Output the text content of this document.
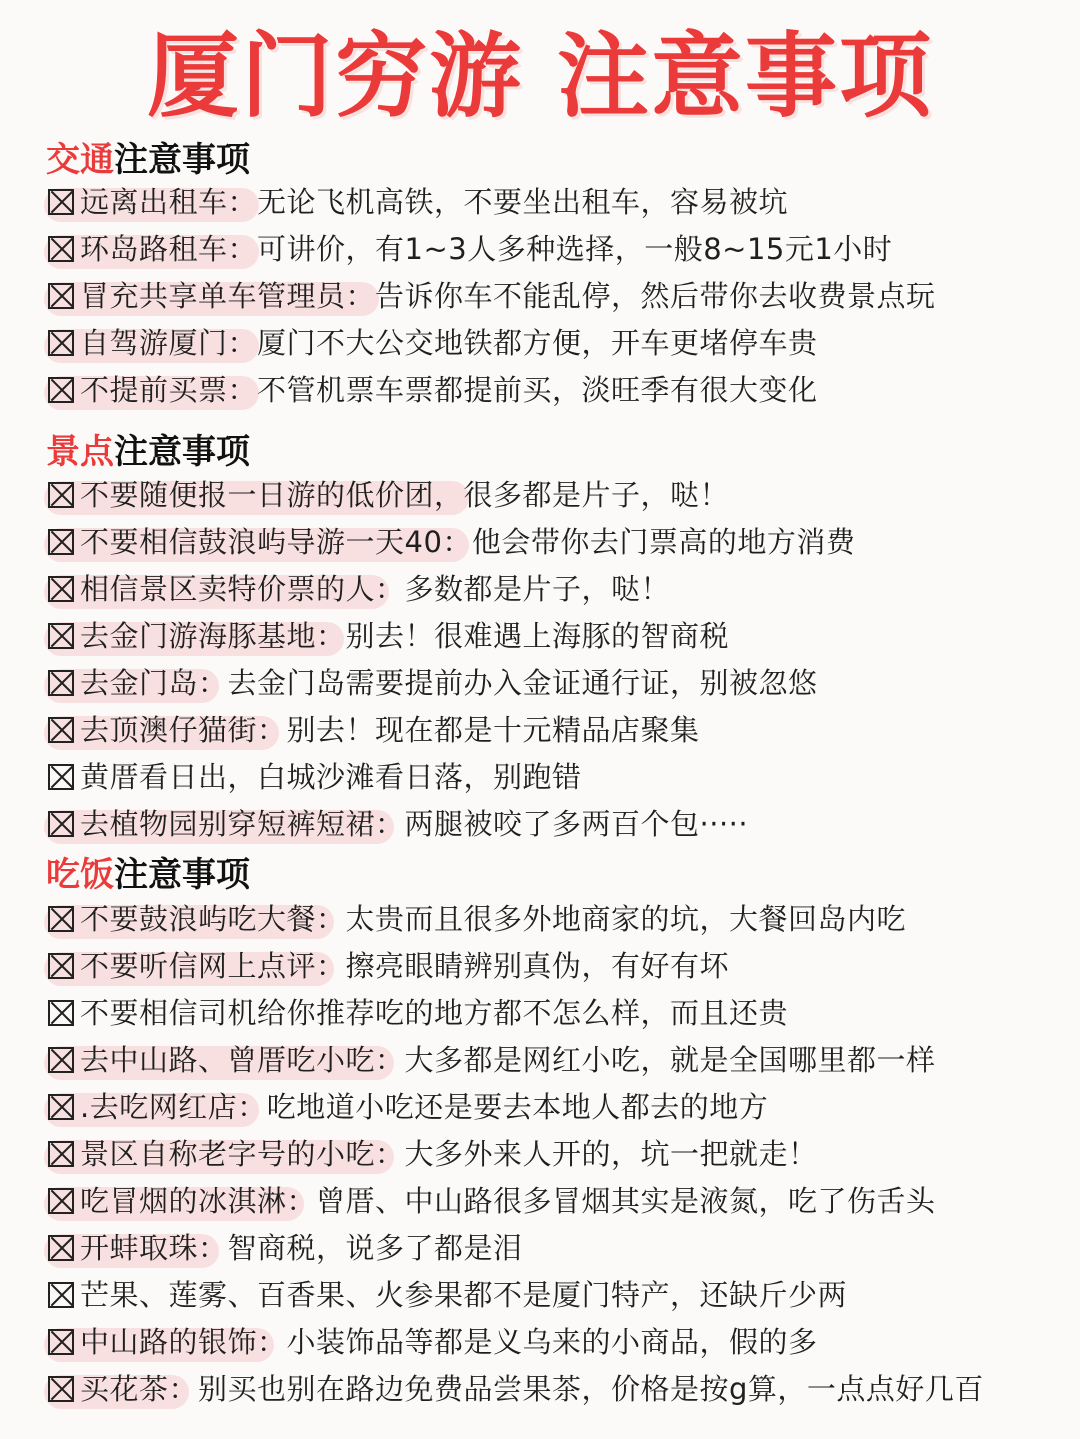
厦门穷游 注意事项
交通注意事项
远离出租车：无论飞机高铁，不要坐出租车，容易被坑
环岛路租车：可讲价，有1~3人多种选择，一般8~15元1小时
冒充共享单车管理员：告诉你车不能乱停，然后带你去收费景点玩
自驾游厦门：厦门不大公交地铁都方便，开车更堵停车贵
不提前买票：不管机票车票都提前买，淡旺季有很大变化
景点注意事项
不要随便报一日游的低价团，很多都是片子，哒！
不要相信鼓浪屿导游一天40：他会带你去门票高的地方消费
相信景区卖特价票的人：多数都是片子，哒！
去金门游海豚基地：别去！很难遇上海豚的智商税
去金门岛：去金门岛需要提前办入金证通行证，别被忽悠
去顶澳仔猫街：别去！现在都是十元精品店聚集
黄厝看日出，白城沙滩看日落，别跑错
去植物园别穿短裤短裙：两腿被咬了多两百个包·····
吃饭注意事项
不要鼓浪屿吃大餐：太贵而且很多外地商家的坑，大餐回岛内吃
不要听信网上点评：擦亮眼睛辨别真伪，有好有坏
不要相信司机给你推荐吃的地方都不怎么样，而且还贵
去中山路、曾厝吃小吃：大多都是网红小吃，就是全国哪里都一样
.去吃网红店：吃地道小吃还是要去本地人都去的地方
景区自称老字号的小吃：大多外来人开的，坑一把就走！
吃冒烟的冰淇淋：曾厝、中山路很多冒烟其实是液氮，吃了伤舌头
开蚌取珠：智商税，说多了都是泪
芒果、莲雾、百香果、火参果都不是厦门特产，还缺斤少两
中山路的银饰：小装饰品等都是义乌来的小商品，假的多
买花茶：别买也别在路边免费品尝果茶，价格是按g算，一点点好几百
